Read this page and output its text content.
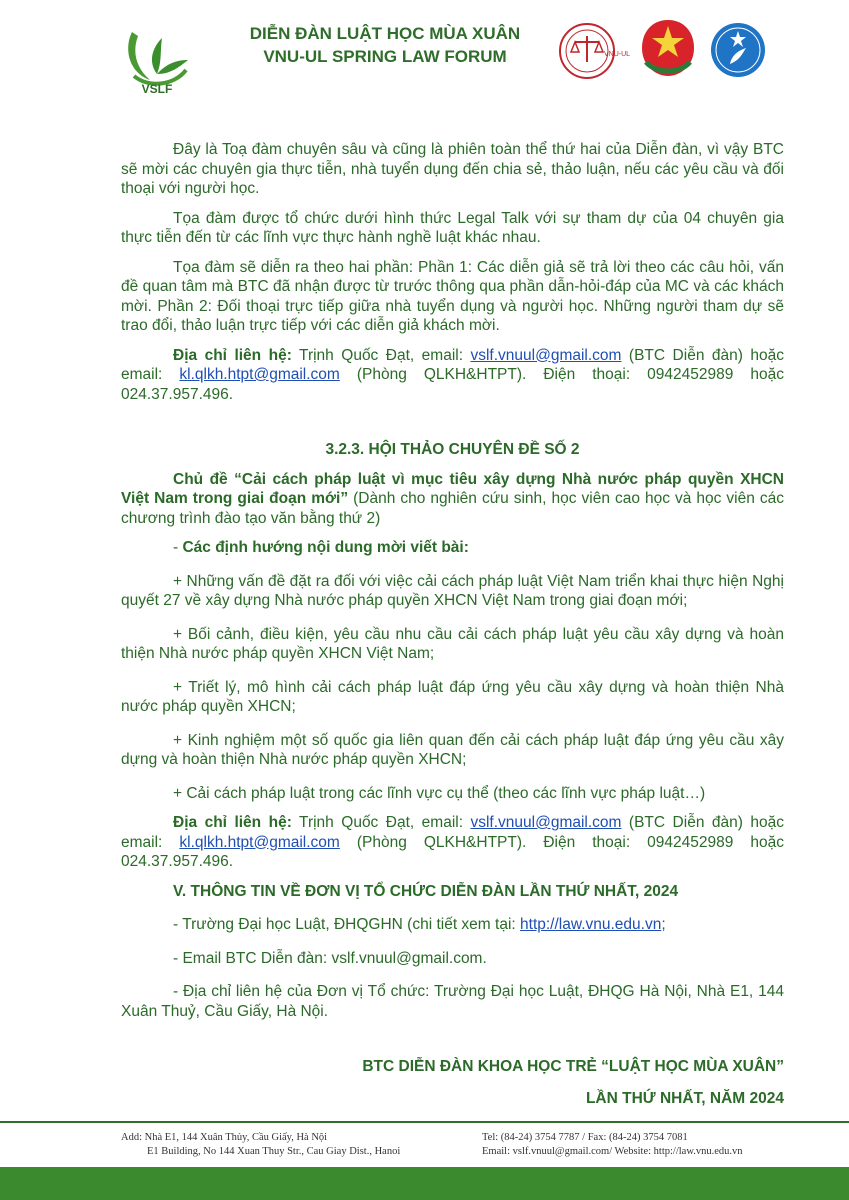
VSLF
DIỄN ĐÀN LUẬT HỌC MÙA XUÂN
VNU-UL SPRING LAW FORUM	VNU-UL

Đây là Toạ đàm chuyên sâu và cũng là phiên toàn thể thứ hai của Diễn đàn, vì vậy BTC sẽ mời các chuyên gia thực tiễn, nhà tuyển dụng đến chia sẻ, thảo luận, nếu các yêu cầu và đối thoại với người học.

Tọa đàm được tổ chức dưới hình thức Legal Talk với sự tham dự của 04 chuyên gia thực tiễn đến từ các lĩnh vực thực hành nghề luật khác nhau.

Tọa đàm sẽ diễn ra theo hai phần: Phần 1: Các diễn giả sẽ trả lời theo các câu hỏi, vấn đề quan tâm mà BTC đã nhận được từ trước thông qua phần dẫn-hỏi-đáp của MC và các khách mời. Phần 2: Đối thoại trực tiếp giữa nhà tuyển dụng và người học. Những người tham dự sẽ trao đổi, thảo luận trực tiếp với các diễn giả khách mời.

Địa chỉ liên hệ: Trịnh Quốc Đạt, email: vslf.vnuul@gmail.com (BTC Diễn đàn) hoặc email: kl.qlkh.htpt@gmail.com (Phòng QLKH&HTPT). Điện thoại: 0942452989 hoặc 024.37.957.496.

3.2.3. HỘI THẢO CHUYÊN ĐỀ SỐ 2

Chủ đề “Cải cách pháp luật vì mục tiêu xây dựng Nhà nước pháp quyền XHCN Việt Nam trong giai đoạn mới” (Dành cho nghiên cứu sinh, học viên cao học và học viên các chương trình đào tạo văn bằng thứ 2)

- Các định hướng nội dung mời viết bài:

+ Những vấn đề đặt ra đối với việc cải cách pháp luật Việt Nam triển khai thực hiện Nghị quyết 27 về xây dựng Nhà nước pháp quyền XHCN Việt Nam trong giai đoạn mới;

+ Bối cảnh, điều kiện, yêu cầu nhu cầu cải cách pháp luật yêu cầu xây dựng và hoàn thiện Nhà nước pháp quyền XHCN Việt Nam;

+ Triết lý, mô hình cải cách pháp luật đáp ứng yêu cầu xây dựng và hoàn thiện Nhà nước pháp quyền XHCN;

+ Kinh nghiệm một số quốc gia liên quan đến cải cách pháp luật đáp ứng yêu cầu xây dựng và hoàn thiện Nhà nước pháp quyền XHCN;

+ Cải cách pháp luật trong các lĩnh vực cụ thể (theo các lĩnh vực pháp luật…)

Địa chỉ liên hệ: Trịnh Quốc Đạt, email: vslf.vnuul@gmail.com (BTC Diễn đàn) hoặc email: kl.qlkh.htpt@gmail.com (Phòng QLKH&HTPT). Điện thoại: 0942452989 hoặc 024.37.957.496.

V. THÔNG TIN VỀ ĐƠN VỊ TỔ CHỨC DIỄN ĐÀN LẦN THỨ NHẤT, 2024

- Trường Đại học Luật, ĐHQGHN (chi tiết xem tại: http://law.vnu.edu.vn;

- Email BTC Diễn đàn: vslf.vnuul@gmail.com.

- Địa chỉ liên hệ của Đơn vị Tổ chức: Trường Đại học Luật, ĐHQG Hà Nội, Nhà E1, 144 Xuân Thuỷ, Cầu Giấy, Hà Nội.

BTC DIỄN ĐÀN KHOA HỌC TRẺ “LUẬT HỌC MÙA XUÂN”

LẦN THỨ NHẤT, NĂM 2024

Add: Nhà E1, 144 Xuân Thủy, Cầu Giấy, Hà Nội
E1 Building, No 144 Xuan Thuy Str., Cau Giay Dist., Hanoi
Tel: (84-24) 3754 7787 / Fax: (84-24) 3754 7081
Email: vslf.vnuul@gmail.com/ Website: http://law.vnu.edu.vn
